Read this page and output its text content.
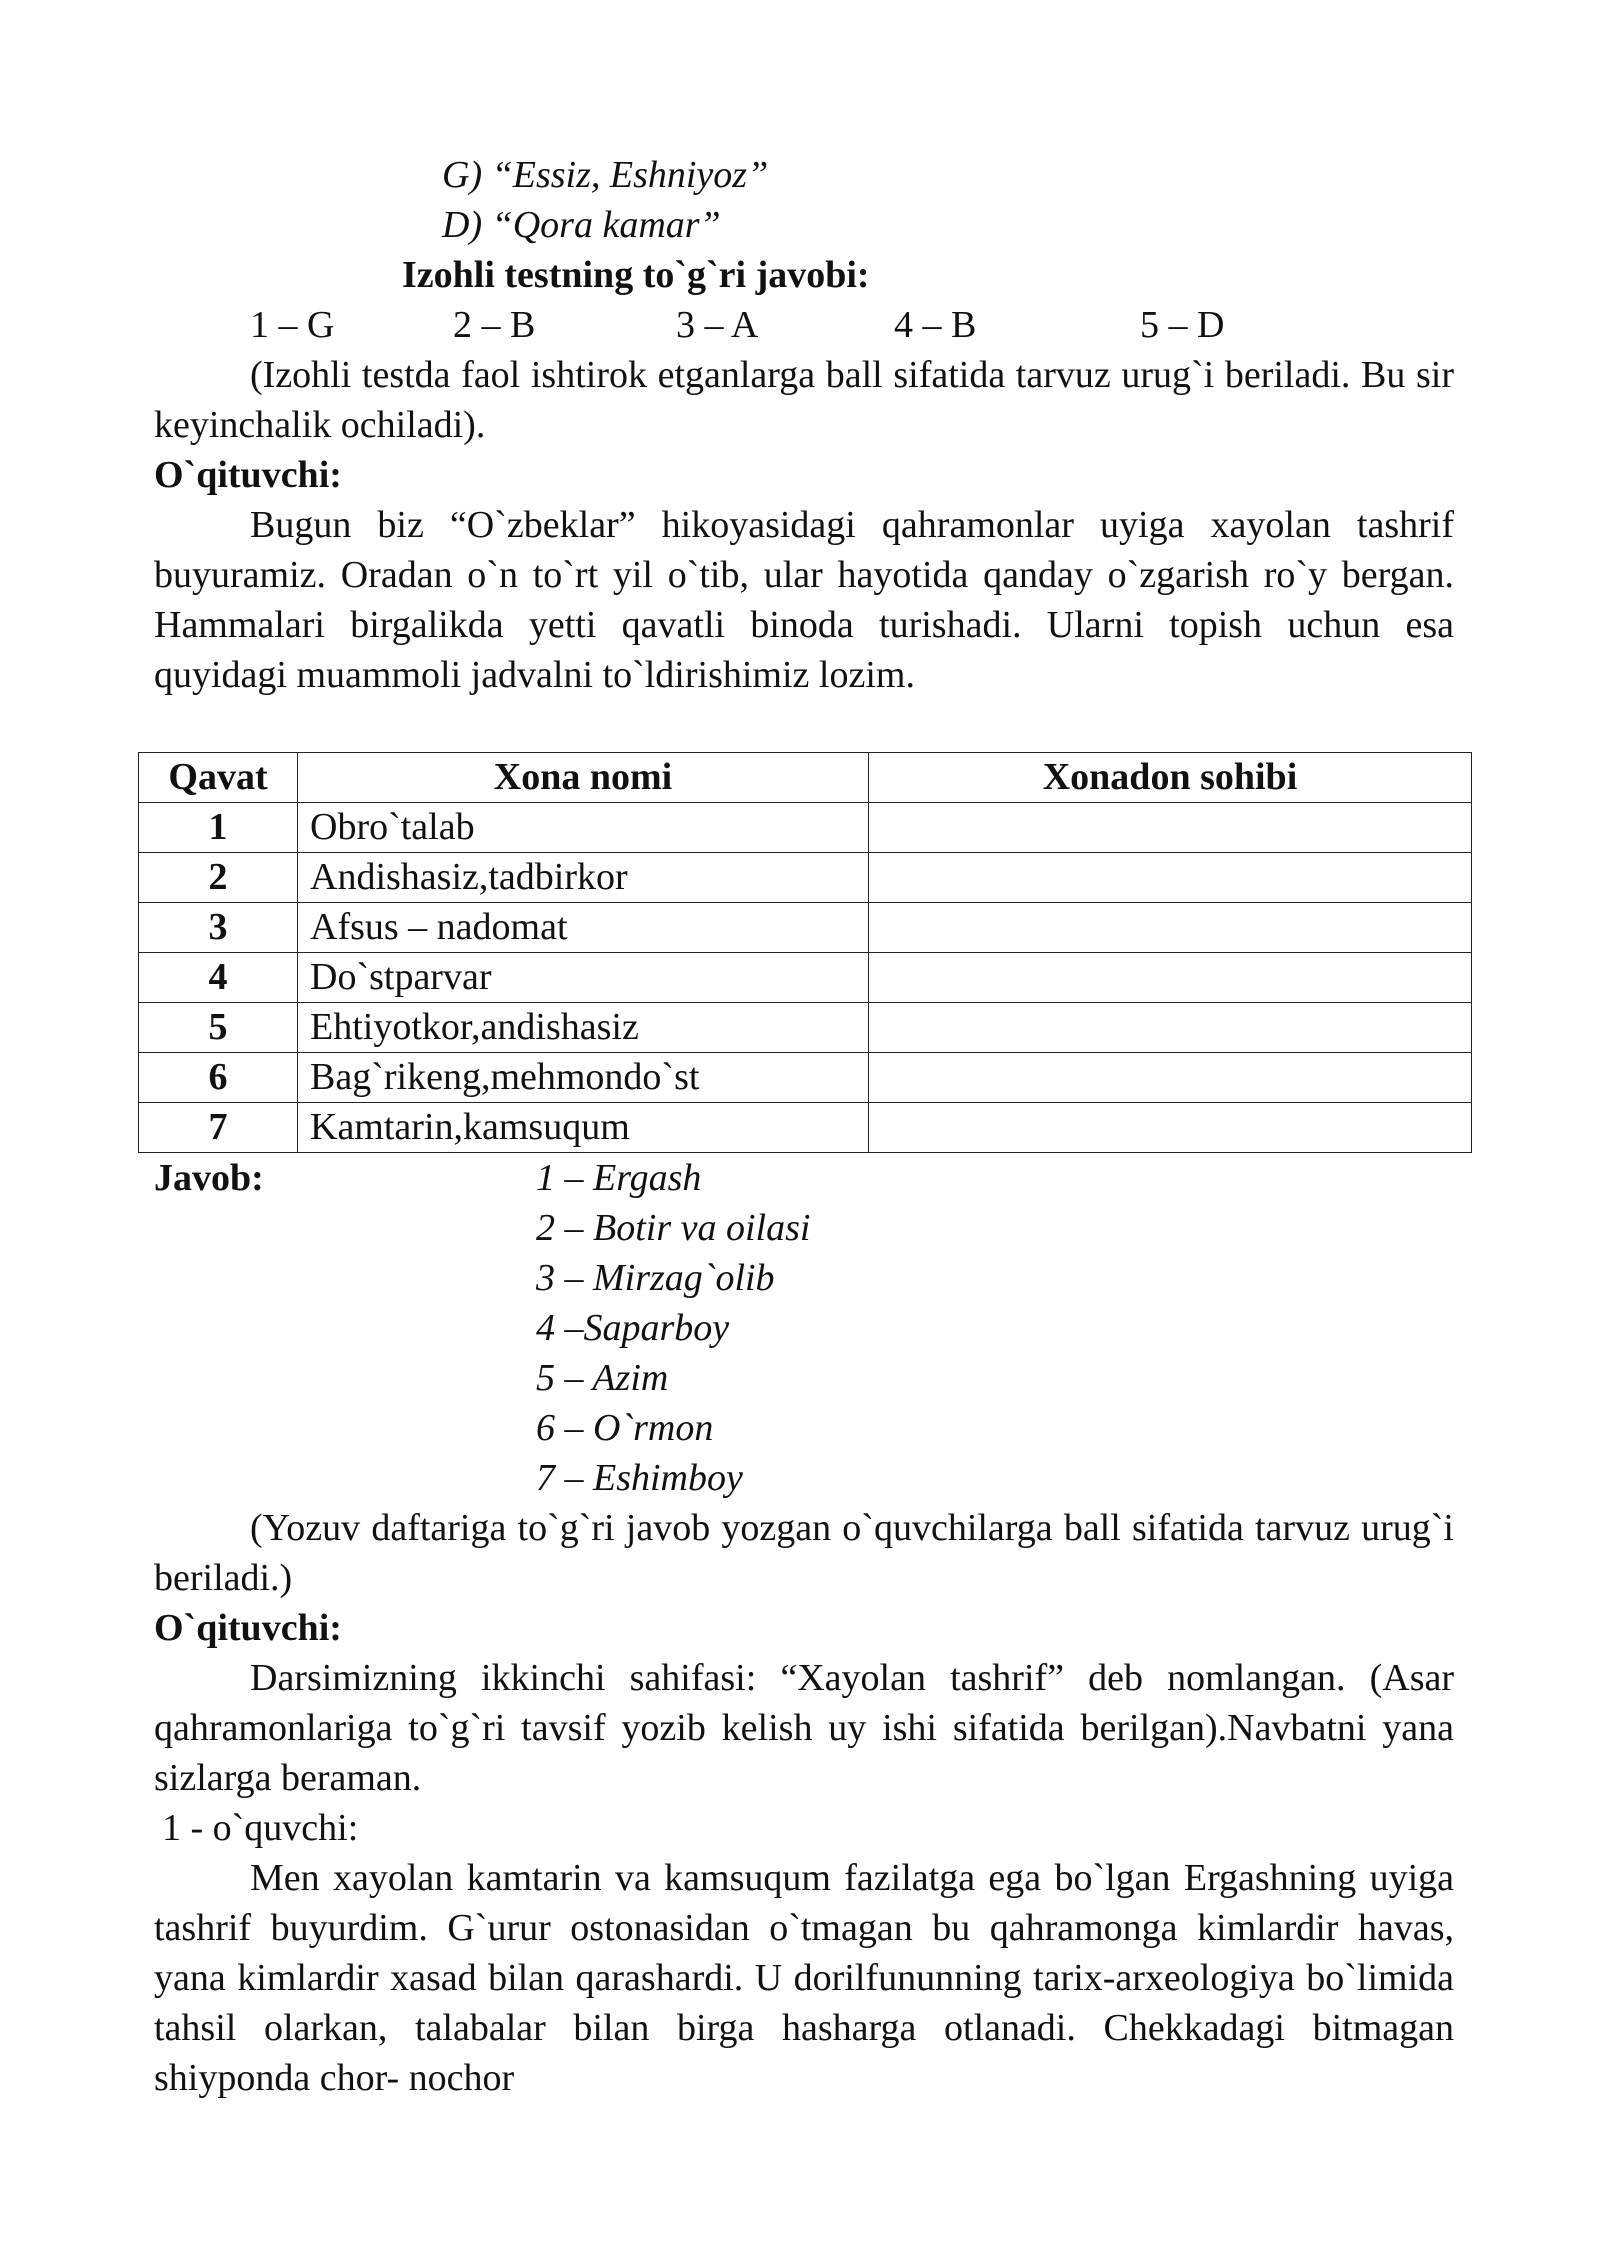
G) “Essiz, Eshniyoz”
D) “Qora kamar”
Izohli testning to`g`ri javobi:
1 – G	2 – B	3 – A	4 – B	5 – D

(Izohli testda faol ishtirok etganlarga ball sifatida tarvuz urug`i beriladi. Bu sir keyinchalik ochiladi).

O`qituvchi:

Bugun biz “O`zbeklar” hikoyasidagi qahramonlar uyiga xayolan tashrif buyuramiz. Oradan o`n to`rt yil o`tib, ular hayotida qanday o`zgarish ro`y bergan. Hammalari birgalikda yetti qavatli binoda turishadi. Ularni topish uchun esa quyidagi muammoli jadvalni to`ldirishimiz lozim.

Qavat	Xona nomi	Xonadon sohibi
1	Obro`talab	
2	Andishasiz,tadbirkor	
3	Afsus – nadomat	
4	Do`stparvar	
5	Ehtiyotkor,andishasiz	
6	Bag`rikeng,mehmondo`st	
7	Kamtarin,kamsuqum	
Javob:	1 – Ergash
2 – Botir va oilasi
3 – Mirzag`olib
4 –Saparboy
5 – Azim
6 – O`rmon
7 – Eshimboy

(Yozuv daftariga to`g`ri javob yozgan o`quvchilarga ball sifatida tarvuz urug`i beriladi.)

O`qituvchi:

Darsimizning ikkinchi sahifasi: “Xayolan tashrif” deb nomlangan. (Asar qahramonlariga to`g`ri tavsif yozib kelish uy ishi sifatida berilgan).Navbatni yana sizlarga beraman.

1 - o`quvchi:

Men xayolan kamtarin va kamsuqum fazilatga ega bo`lgan Ergashning uyiga tashrif buyurdim. G`urur ostonasidan o`tmagan bu qahramonga kimlardir havas, yana kimlardir xasad bilan qarashardi. U dorilfununning tarix-arxeologiya bo`limida tahsil olarkan, talabalar bilan birga hasharga otlanadi. Chekkadagi bitmagan shiyponda chor- nochor
